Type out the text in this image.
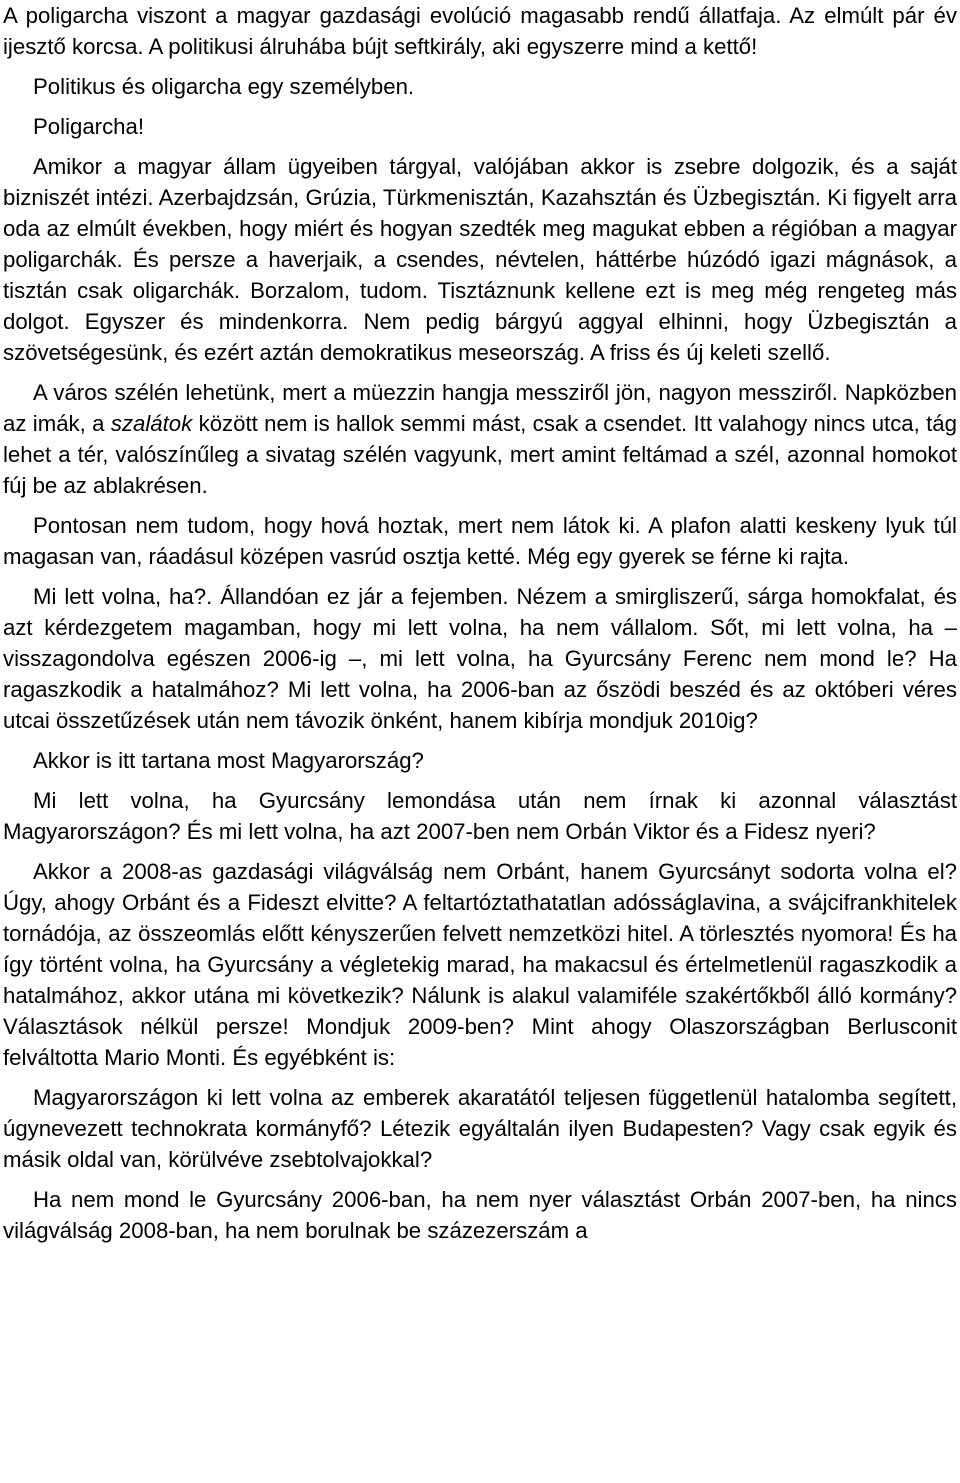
A poligarcha viszont a magyar gazdasági evolúció magasabb rendű állatfaja. Az elmúlt pár év ijesztő korcsa. A politikusi álruhába bújt seftkirály, aki egyszerre mind a kettő!

Politikus és oligarcha egy személyben.

Poligarcha!

Amikor a magyar állam ügyeiben tárgyal, valójában akkor is zsebre dolgozik, és a saját bizniszét intézi. Azerbajdzsán, Grúzia, Türkmenisztán, Kazahsztán és Üzbegisztán. Ki figyelt arra oda az elmúlt években, hogy miért és hogyan szedték meg magukat ebben a régióban a magyar poligarchák. És persze a haverjaik, a csendes, névtelen, háttérbe húzódó igazi mágnások, a tisztán csak oligarchák. Borzalom, tudom. Tisztáznunk kellene ezt is meg még rengeteg más dolgot. Egyszer és mindenkorra. Nem pedig bárgyú aggyal elhinni, hogy Üzbegisztán a szövetségesünk, és ezért aztán demokratikus meseország. A friss és új keleti szellő.

A város szélén lehetünk, mert a müezzin hangja messziről jön, nagyon messziről. Napközben az imák, a szalátok között nem is hallok semmi mást, csak a csendet. Itt valahogy nincs utca, tág lehet a tér, valószínűleg a sivatag szélén vagyunk, mert amint feltámad a szél, azonnal homokot fúj be az ablakrésen.

Pontosan nem tudom, hogy hová hoztak, mert nem látok ki. A plafon alatti keskeny lyuk túl magasan van, ráadásul középen vasrúd osztja ketté. Még egy gyerek se férne ki rajta.

Mi lett volna, ha?. Állandóan ez jár a fejemben. Nézem a smirgliszerű, sárga homokfalat, és azt kérdezgetem magamban, hogy mi lett volna, ha nem vállalom. Sőt, mi lett volna, ha – visszagondolva egészen 2006-ig –, mi lett volna, ha Gyurcsány Ferenc nem mond le? Ha ragaszkodik a hatalmához? Mi lett volna, ha 2006-ban az őszödi beszéd és az októberi véres utcai összetűzések után nem távozik önként, hanem kibírja mondjuk 2010ig?

Akkor is itt tartana most Magyarország?

Mi lett volna, ha Gyurcsány lemondása után nem írnak ki azonnal választást Magyarországon? És mi lett volna, ha azt 2007-ben nem Orbán Viktor és a Fidesz nyeri?

Akkor a 2008-as gazdasági világválság nem Orbánt, hanem Gyurcsányt sodorta volna el? Úgy, ahogy Orbánt és a Fideszt elvitte? A feltartóztathatatlan adósságlavina, a svájcifrankhitelek tornádója, az összeomlás előtt kényszerűen felvett nemzetközi hitel. A törlesztés nyomora! És ha így történt volna, ha Gyurcsány a végletekig marad, ha makacsul és értelmetlenül ragaszkodik a hatalmához, akkor utána mi következik? Nálunk is alakul valamiféle szakértőkből álló kormány? Választások nélkül persze! Mondjuk 2009-ben? Mint ahogy Olaszországban Berlusconit felváltotta Mario Monti. És egyébként is:

Magyarországon ki lett volna az emberek akaratától teljesen függetlenül hatalomba segített, úgynevezett technokrata kormányfő? Létezik egyáltalán ilyen Budapesten? Vagy csak egyik és másik oldal van, körülvéve zsebtolvajokkal?

Ha nem mond le Gyurcsány 2006-ban, ha nem nyer választást Orbán 2007-ben, ha nincs világválság 2008-ban, ha nem borulnak be százezerszám a
